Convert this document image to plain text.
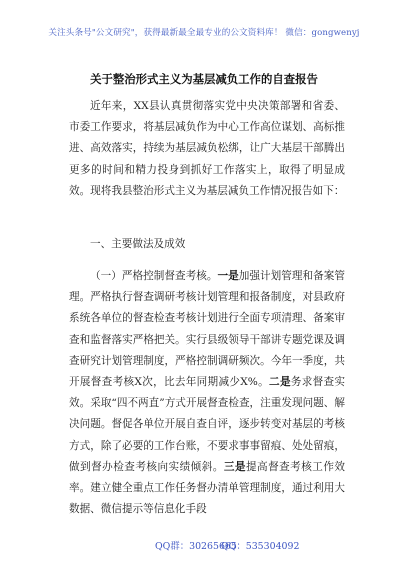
关注头条号"公文研究"，获得最新最全最专业的公文资料库！ 微信：gongwenyj
关于整治形式主义为基层减负工作的自查报告

近年来，XX县认真贯彻落实党中央决策部署和省委、市委工作要求，将基层减负作为中心工作高位谋划、高标推进、高效落实，持续为基层减负松绑，让广大基层干部腾出更多的时间和精力投身到抓好工作落实上，取得了明显成效。现将我县整治形式主义为基层减负工作情况报告如下：

一、主要做法及成效

（一）严格控制督查考核。一是加强计划管理和备案管理。严格执行督查调研考核计划管理和报备制度，对县政府系统各单位的督查检查考核计划进行全面专项清理、备案审查和监督落实严格把关。实行县级领导干部讲专题党课及调查研究计划管理制度，严格控制调研频次。今年一季度，共开展督查考核X次，比去年同期减少X%。二是务求督查实效。采取“四不两直”方式开展督查检查，注重发现问题、解决问题。督促各单位开展自查自评，逐步转变对基层的考核方式，除了必要的工作台账，不要求事事留痕、处处留痕，做到督办检查考核向实绩倾斜。三是提高督查考核工作效率。建立健全重点工作任务督办清单管理制度，通过利用大数据、微信提示等信息化手段

QQ群：30265665
QQ：535304092
